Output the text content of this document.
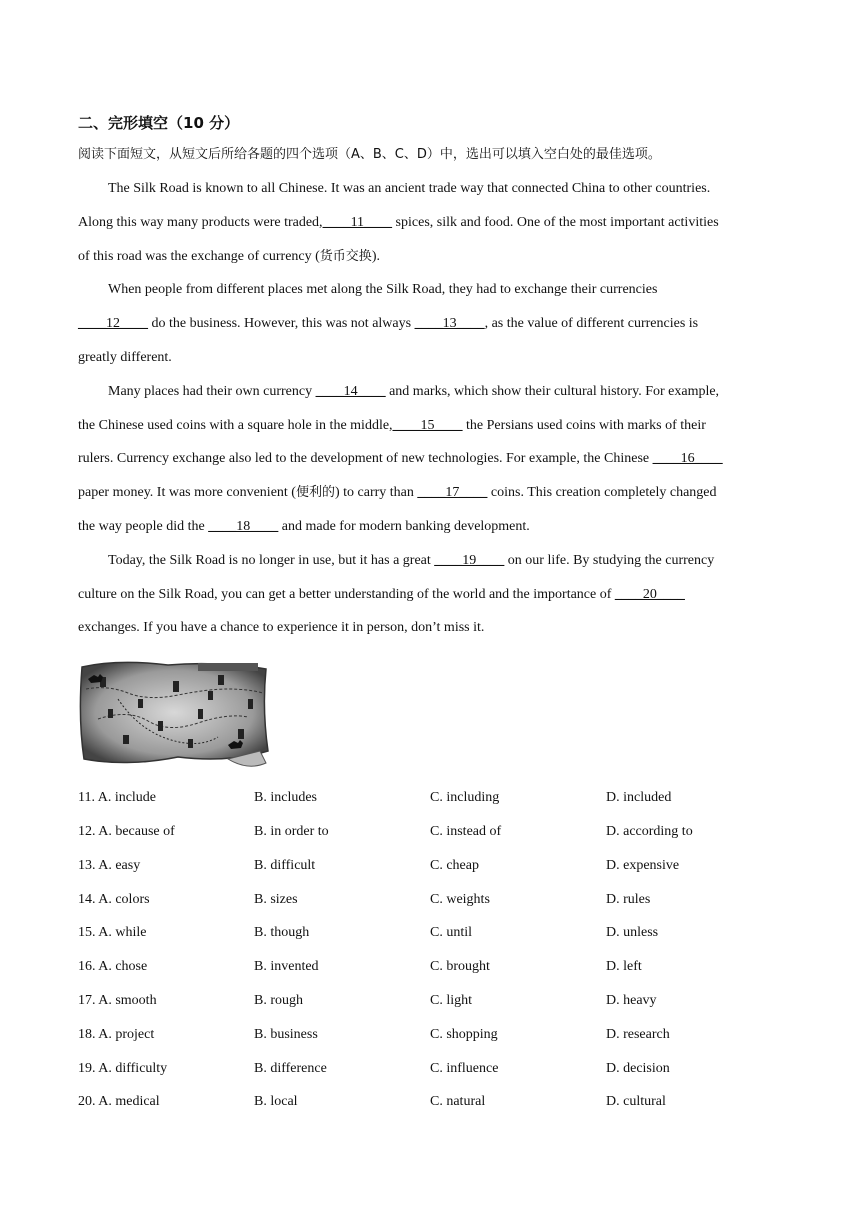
二、完形填空（10 分）
阅读下面短文，从短文后所给各题的四个选项（A、B、C、D）中，选出可以填入空白处的最佳选项。
The Silk Road is known to all Chinese. It was an ancient trade way that connected China to other countries.
Along this way many products were traded,____11____ spices, silk and food. One of the most important activities
of this road was the exchange of currency (货币交换).
When people from different places met along the Silk Road, they had to exchange their currencies
____12____ do the business. However, this was not always ____13____, as the value of different currencies is
greatly different.
Many places had their own currency ____14____ and marks, which show their cultural history. For example,
the Chinese used coins with a square hole in the middle,____15____ the Persians used coins with marks of their
rulers. Currency exchange also led to the development of new technologies. For example, the Chinese ____16____
paper money. It was more convenient (便利的) to carry than ____17____ coins. This creation completely changed
the way people did the ____18____ and made for modern banking development.
Today, the Silk Road is no longer in use, but it has a great ____19____ on our life. By studying the currency
culture on the Silk Road, you can get a better understanding of the world and the importance of ____20____
exchanges. If you have a chance to experience it in person, don’t miss it.
11. A. include	B. includes	C. including	D. included
12. A. because of	B. in order to	C. instead of	D. according to
13. A. easy	B. difficult	C. cheap	D. expensive
14. A. colors	B. sizes	C. weights	D. rules
15. A. while	B. though	C. until	D. unless
16. A. chose	B. invented	C. brought	D. left
17. A. smooth	B. rough	C. light	D. heavy
18. A. project	B. business	C. shopping	D. research
19. A. difficulty	B. difference	C. influence	D. decision
20. A. medical	B. local	C. natural	D. cultural
